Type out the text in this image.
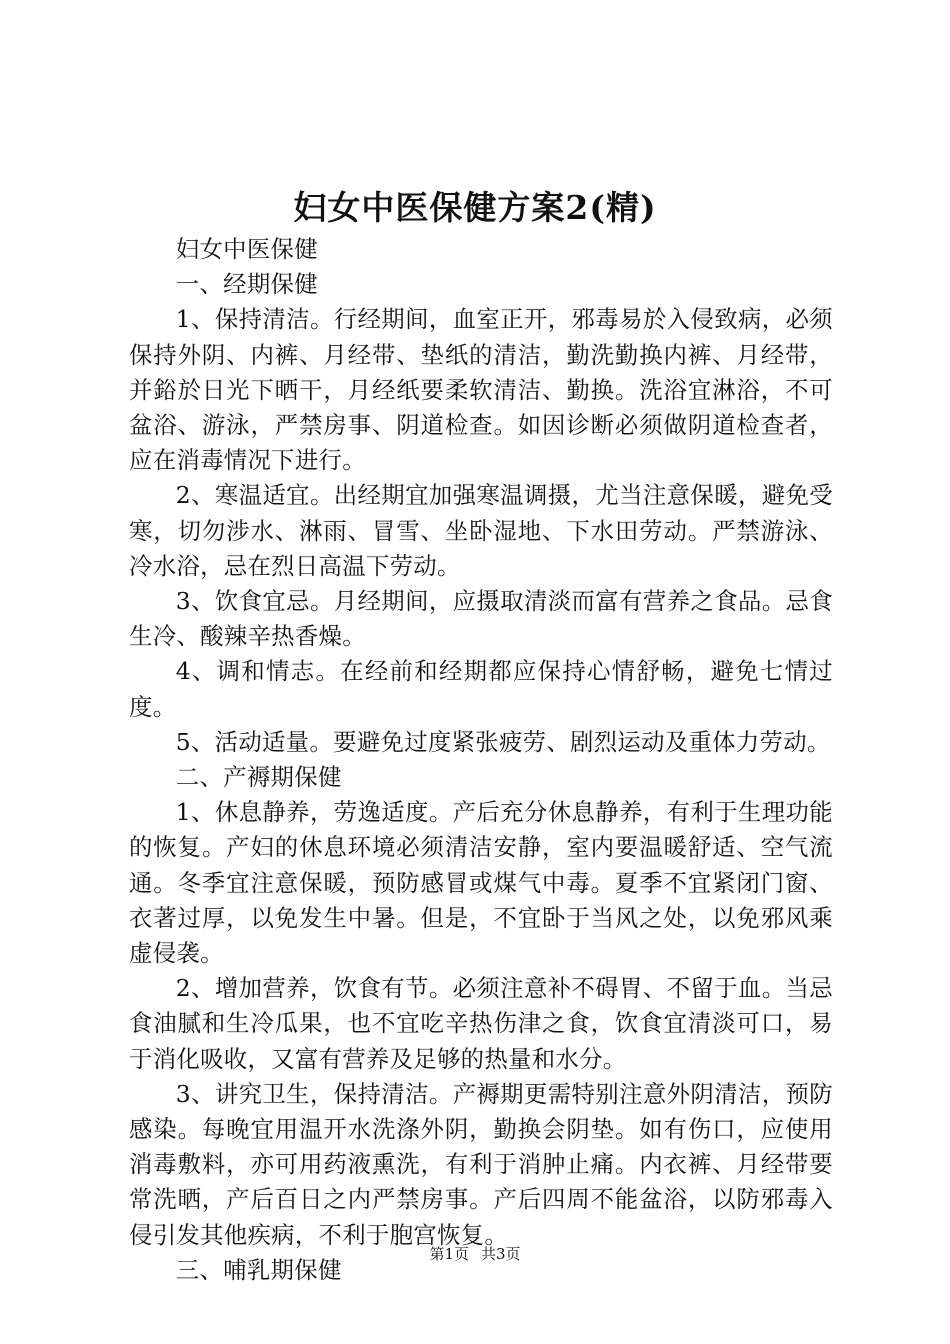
妇女中医保健方案2(精)

妇女中医保健

一、经期保健

1、保持清洁。行经期间，血室正开，邪毒易於入侵致病，必须保持外阴、内裤、月经带、垫纸的清洁，勤洗勤换内裤、月经带，并鋊於日光下晒干，月经纸要柔软清洁、勤换。洗浴宜淋浴，不可盆浴、游泳，严禁房事、阴道检查。如因诊断必须做阴道检查者，应在消毒情况下进行。

2、寒温适宜。出经期宜加强寒温调摄，尤当注意保暖，避免受寒，切勿涉水、淋雨、冒雪、坐卧湿地、下水田劳动。严禁游泳、冷水浴，忌在烈日高温下劳动。

3、饮食宜忌。月经期间，应摄取清淡而富有营养之食品。忌食生冷、酸辣辛热香燥。

4、调和情志。在经前和经期都应保持心情舒畅，避免七情过度。

5、活动适量。要避免过度紧张疲劳、剧烈运动及重体力劳动。

二、产褥期保健

1、休息静养，劳逸适度。产后充分休息静养，有利于生理功能的恢复。产妇的休息环境必须清洁安静，室内要温暖舒适、空气流通。冬季宜注意保暖，预防感冒或煤气中毒。夏季不宜紧闭门窗、衣著过厚，以免发生中暑。但是，不宜卧于当风之处，以免邪风乘虚侵袭。

2、增加营养，饮食有节。必须注意补不碍胃、不留于血。当忌食油腻和生冷瓜果，也不宜吃辛热伤津之食，饮食宜清淡可口，易于消化吸收，又富有营养及足够的热量和水分。

3、讲究卫生，保持清洁。产褥期更需特别注意外阴清洁，预防感染。每晚宜用温开水洗涤外阴，勤换会阴垫。如有伤口，应使用消毒敷料，亦可用药液熏洗，有利于消肿止痛。内衣裤、月经带要常洗晒，产后百日之内严禁房事。产后四周不能盆浴，以防邪毒入侵引发其他疾病，不利于胞宫恢复。

三、哺乳期保健

第1页 共3页
